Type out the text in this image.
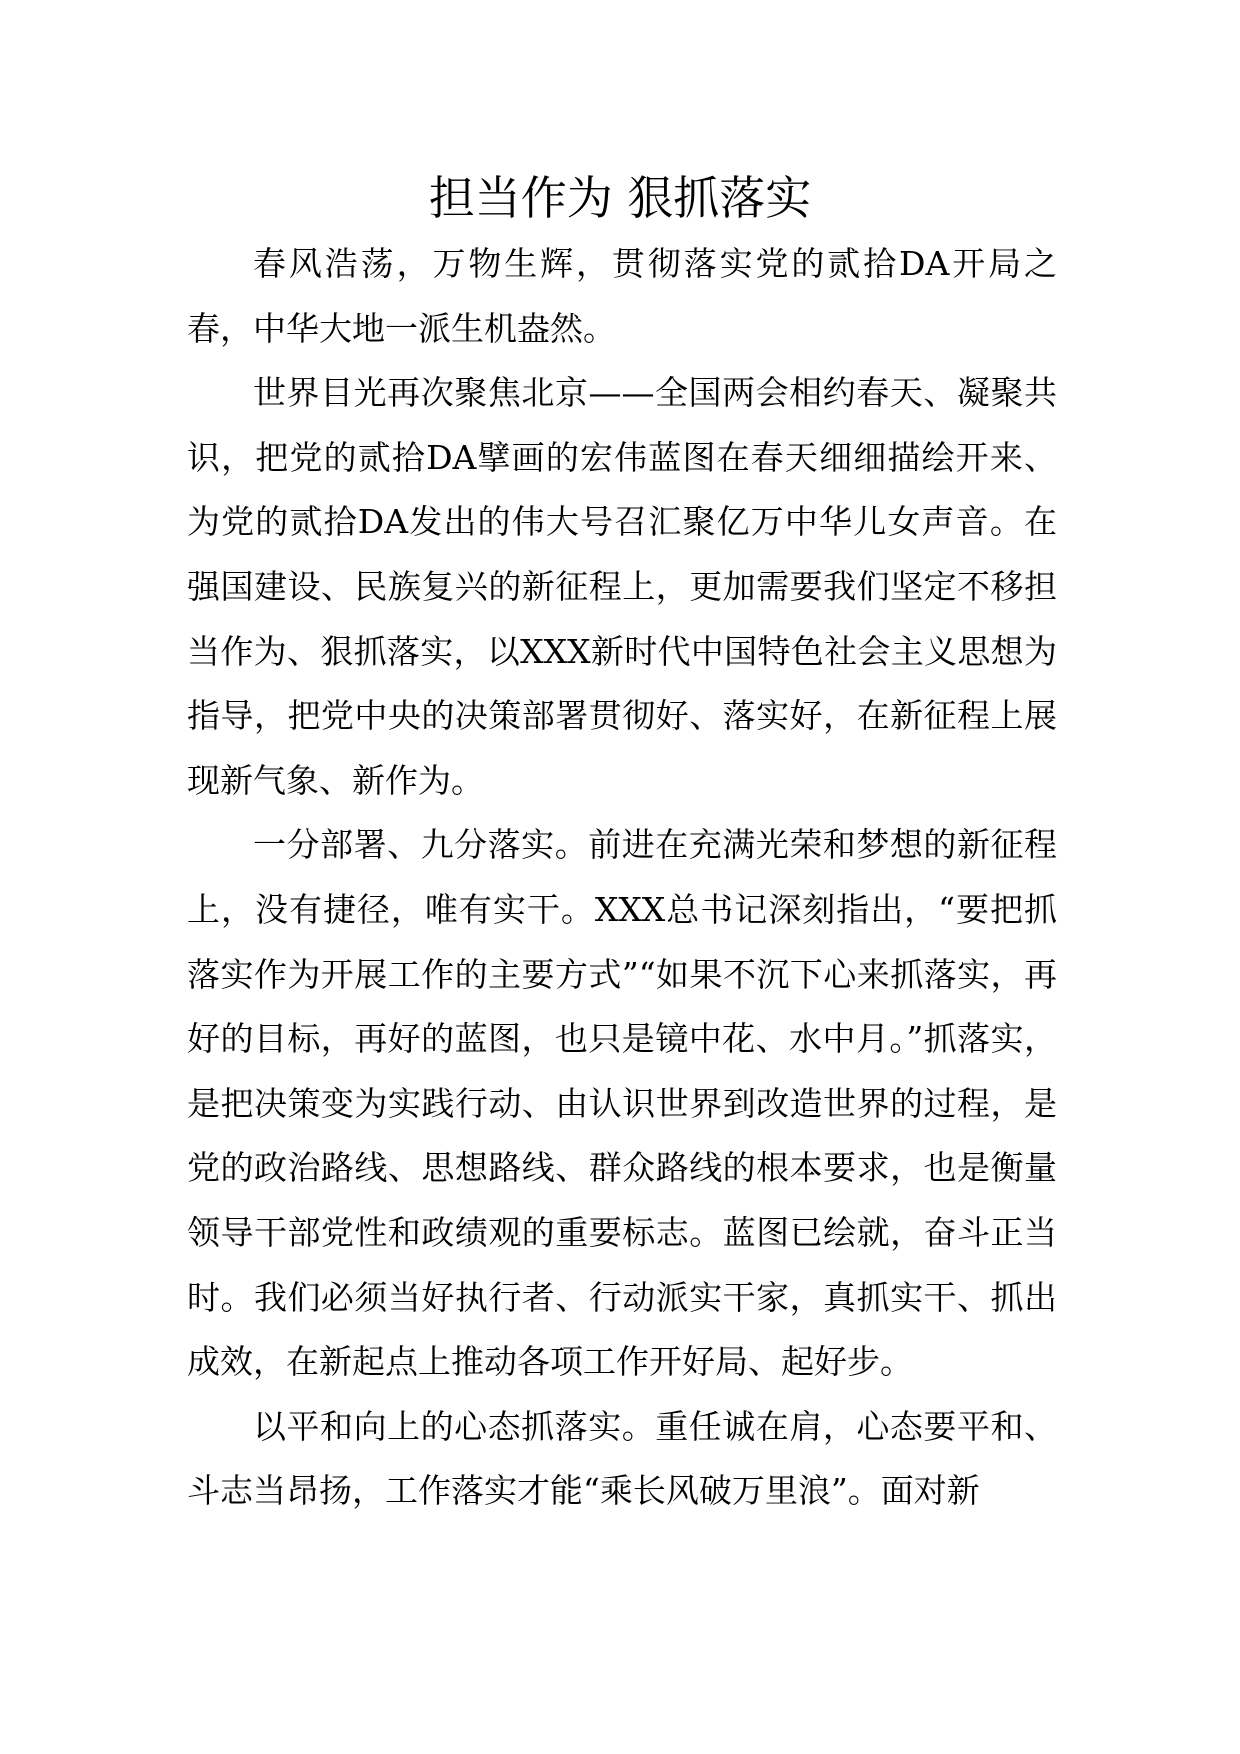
担当作为 狠抓落实

春风浩荡，万物生辉，贯彻落实党的贰拾DA开局之春，中华大地一派生机盎然。

世界目光再次聚焦北京——全国两会相约春天、凝聚共识，把党的贰拾DA擘画的宏伟蓝图在春天细细描绘开来、为党的贰拾DA发出的伟大号召汇聚亿万中华儿女声音。在强国建设、民族复兴的新征程上，更加需要我们坚定不移担当作为、狠抓落实，以XXX新时代中国特色社会主义思想为指导，把党中央的决策部署贯彻好、落实好，在新征程上展现新气象、新作为。

一分部署、九分落实。前进在充满光荣和梦想的新征程上，没有捷径，唯有实干。XXX总书记深刻指出，“要把抓落实作为开展工作的主要方式”“如果不沉下心来抓落实，再好的目标，再好的蓝图，也只是镜中花、水中月。”抓落实，是把决策变为实践行动、由认识世界到改造世界的过程，是党的政治路线、思想路线、群众路线的根本要求，也是衡量领导干部党性和政绩观的重要标志。蓝图已绘就，奋斗正当时。我们必须当好执行者、行动派实干家，真抓实干、抓出成效，在新起点上推动各项工作开好局、起好步。

以平和向上的心态抓落实。重任诚在肩，心态要平和、斗志当昂扬，工作落实才能“乘长风破万里浪”。面对新
